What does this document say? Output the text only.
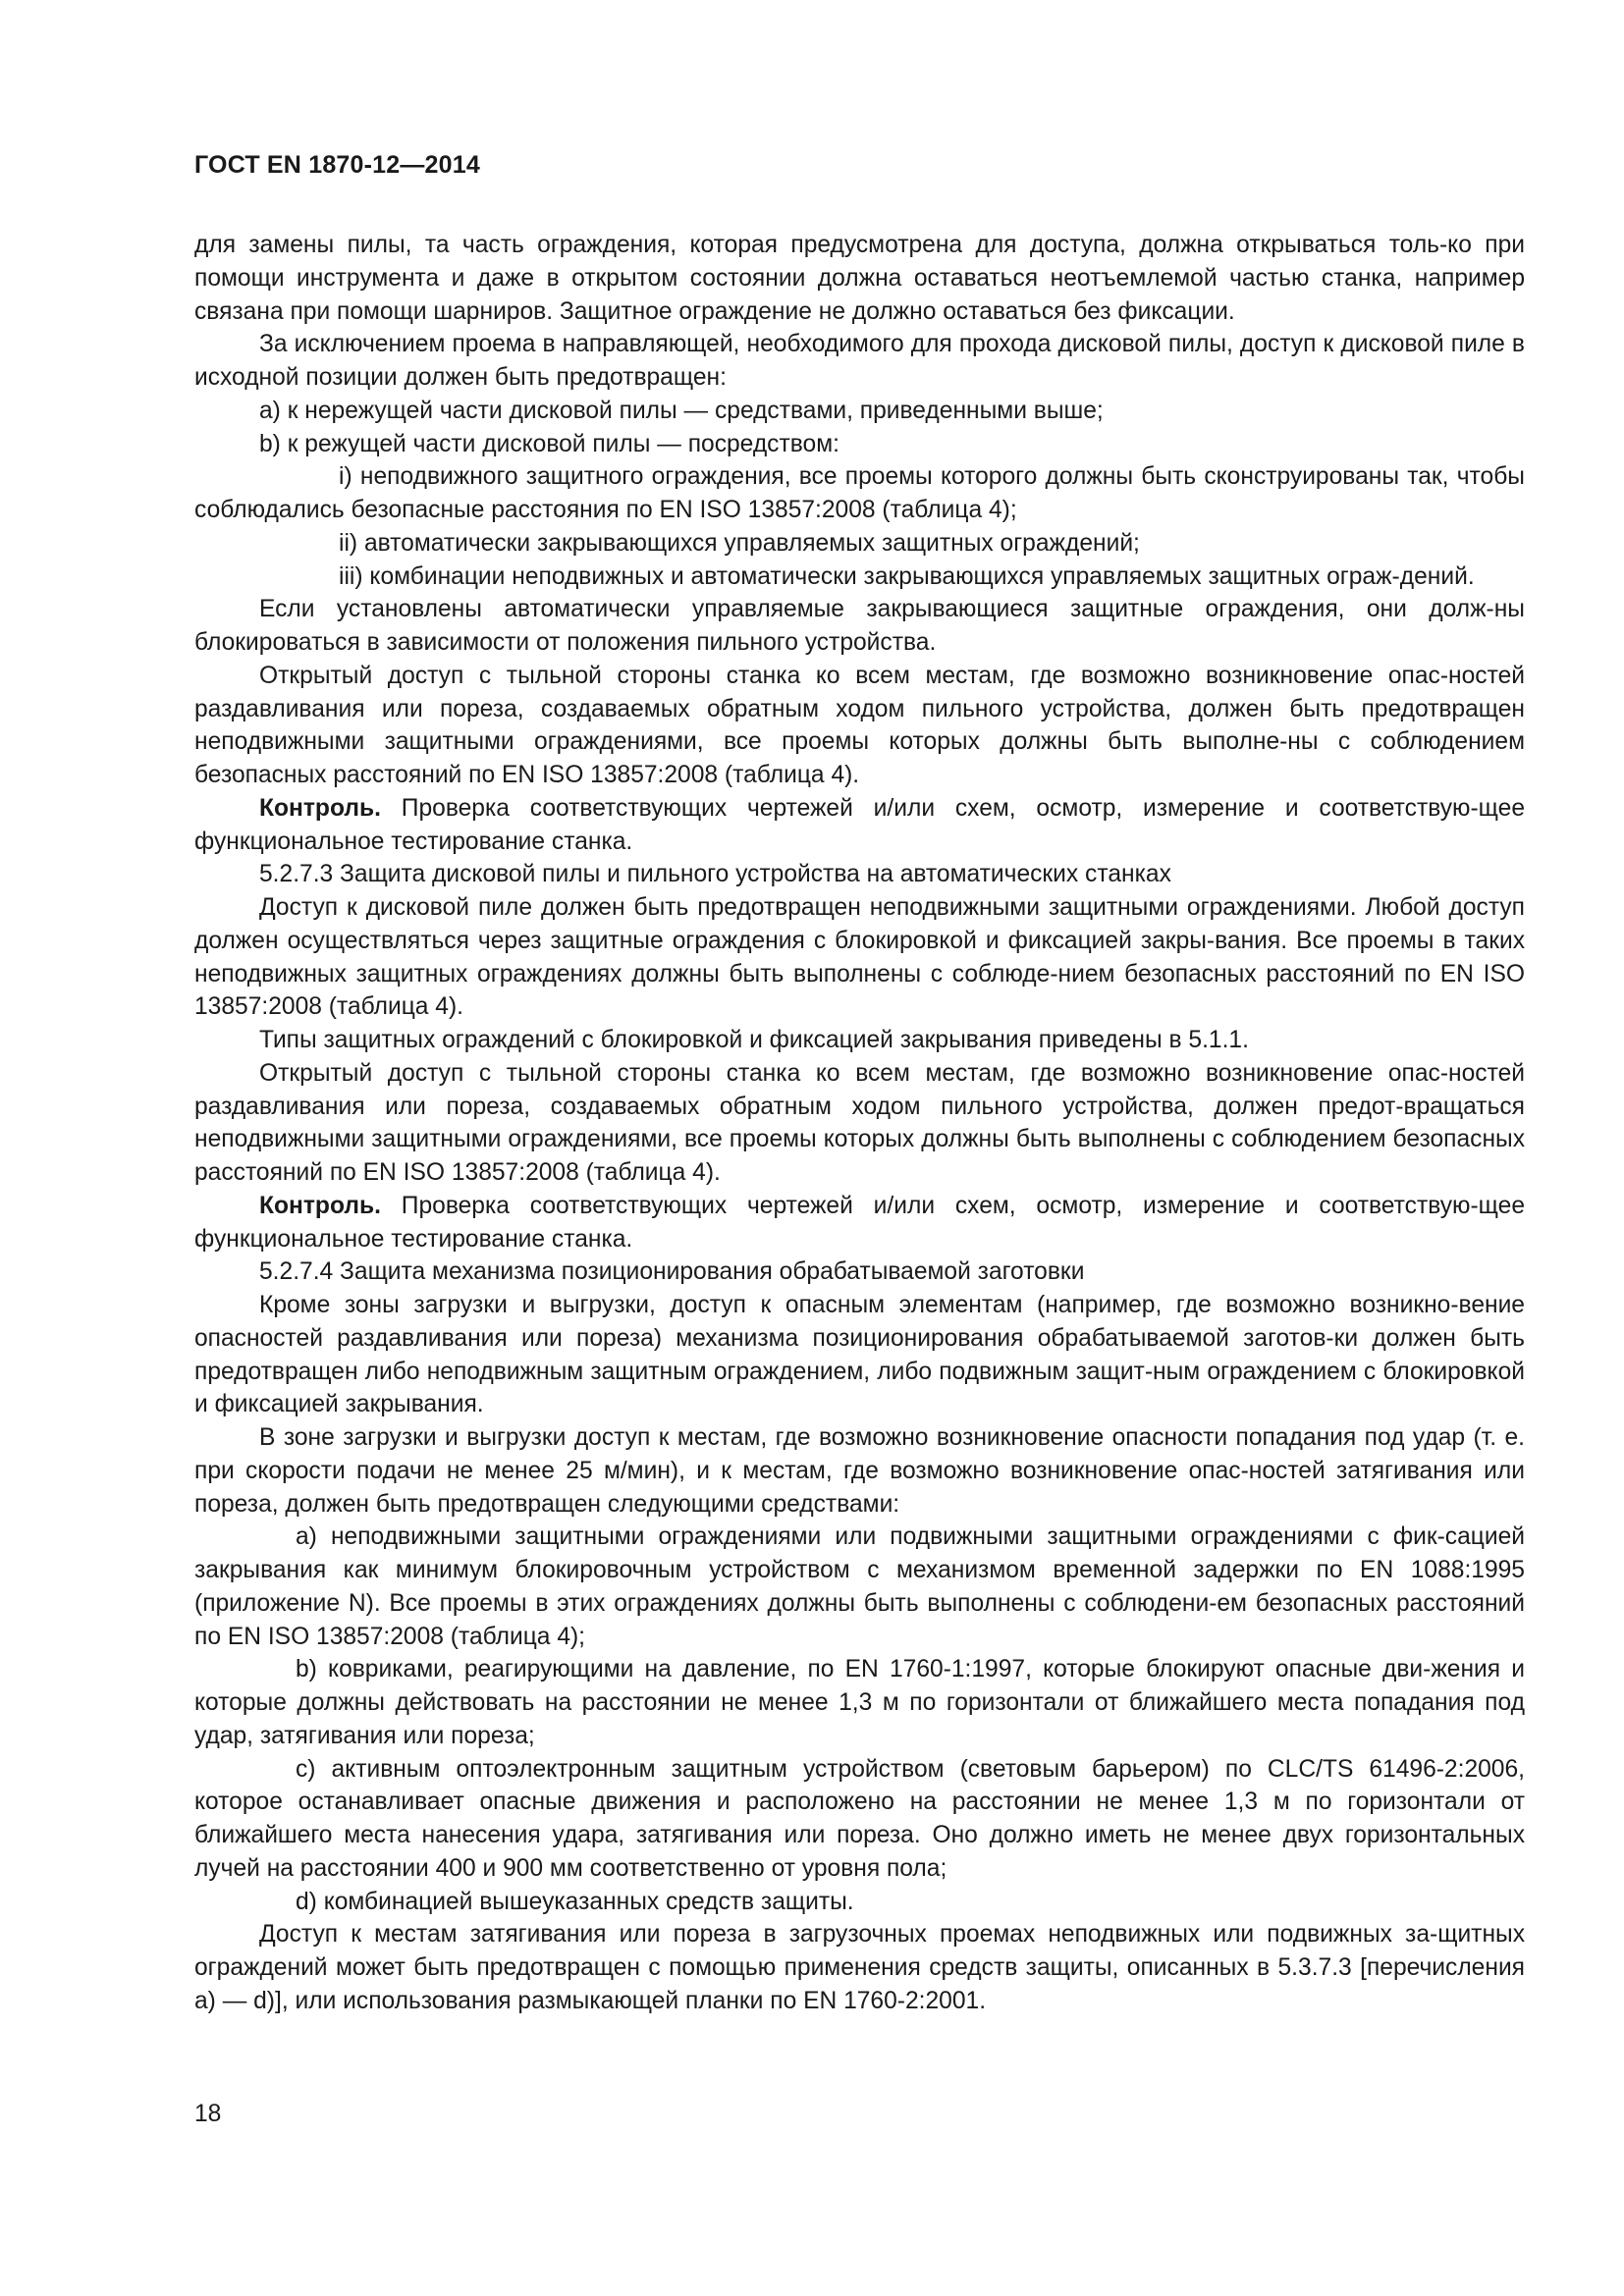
ГОСТ EN 1870-12—2014

для замены пилы, та часть ограждения, которая предусмотрена для доступа, должна открываться толь-ко при помощи инструмента и даже в открытом состоянии должна оставаться неотъемлемой частью станка, например связана при помощи шарниров. Защитное ограждение не должно оставаться без фиксации.

За исключением проема в направляющей, необходимого для прохода дисковой пилы, доступ к дисковой пиле в исходной позиции должен быть предотвращен:

a) к нережущей части дисковой пилы — средствами, приведенными выше;

b) к режущей части дисковой пилы — посредством:

i) неподвижного защитного ограждения, все проемы которого должны быть сконструированы так, чтобы соблюдались безопасные расстояния по EN ISO 13857:2008 (таблица 4);

ii) автоматически закрывающихся управляемых защитных ограждений;

iii) комбинации неподвижных и автоматически закрывающихся управляемых защитных ограж-дений.

Если установлены автоматически управляемые закрывающиеся защитные ограждения, они долж-ны блокироваться в зависимости от положения пильного устройства.

Открытый доступ с тыльной стороны станка ко всем местам, где возможно возникновение опас-ностей раздавливания или пореза, создаваемых обратным ходом пильного устройства, должен быть предотвращен неподвижными защитными ограждениями, все проемы которых должны быть выполне-ны с соблюдением безопасных расстояний по EN ISO 13857:2008 (таблица 4).

Контроль. Проверка соответствующих чертежей и/или схем, осмотр, измерение и соответствую-щее функциональное тестирование станка.

5.2.7.3 Защита дисковой пилы и пильного устройства на автоматических станках

Доступ к дисковой пиле должен быть предотвращен неподвижными защитными ограждениями. Любой доступ должен осуществляться через защитные ограждения с блокировкой и фиксацией закры-вания. Все проемы в таких неподвижных защитных ограждениях должны быть выполнены с соблюде-нием безопасных расстояний по EN ISO 13857:2008 (таблица 4).

Типы защитных ограждений с блокировкой и фиксацией закрывания приведены в 5.1.1.

Открытый доступ с тыльной стороны станка ко всем местам, где возможно возникновение опас-ностей раздавливания или пореза, создаваемых обратным ходом пильного устройства, должен предот-вращаться неподвижными защитными ограждениями, все проемы которых должны быть выполнены с соблюдением безопасных расстояний по EN ISO 13857:2008 (таблица 4).

Контроль. Проверка соответствующих чертежей и/или схем, осмотр, измерение и соответствую-щее функциональное тестирование станка.

5.2.7.4 Защита механизма позиционирования обрабатываемой заготовки

Кроме зоны загрузки и выгрузки, доступ к опасным элементам (например, где возможно возникно-вение опасностей раздавливания или пореза) механизма позиционирования обрабатываемой заготов-ки должен быть предотвращен либо неподвижным защитным ограждением, либо подвижным защит-ным ограждением с блокировкой и фиксацией закрывания.

В зоне загрузки и выгрузки доступ к местам, где возможно возникновение опасности попадания под удар (т. е. при скорости подачи не менее 25 м/мин), и к местам, где возможно возникновение опас-ностей затягивания или пореза, должен быть предотвращен следующими средствами:

a) неподвижными защитными ограждениями или подвижными защитными ограждениями с фик-сацией закрывания как минимум блокировочным устройством с механизмом временной задержки по EN 1088:1995 (приложение N). Все проемы в этих ограждениях должны быть выполнены с соблюдени-ем безопасных расстояний по EN ISO 13857:2008 (таблица 4);

b) ковриками, реагирующими на давление, по EN 1760-1:1997, которые блокируют опасные дви-жения и которые должны действовать на расстоянии не менее 1,3 м по горизонтали от ближайшего места попадания под удар, затягивания или пореза;

c) активным оптоэлектронным защитным устройством (световым барьером) по CLC/TS 61496-2:2006, которое останавливает опасные движения и расположено на расстоянии не менее 1,3 м по горизонтали от ближайшего места нанесения удара, затягивания или пореза. Оно должно иметь не менее двух горизонтальных лучей на расстоянии 400 и 900 мм соответственно от уровня пола;

d) комбинацией вышеуказанных средств защиты.

Доступ к местам затягивания или пореза в загрузочных проемах неподвижных или подвижных за-щитных ограждений может быть предотвращен с помощью применения средств защиты, описанных в 5.3.7.3 [перечисления a) — d)], или использования размыкающей планки по EN 1760-2:2001.

18
